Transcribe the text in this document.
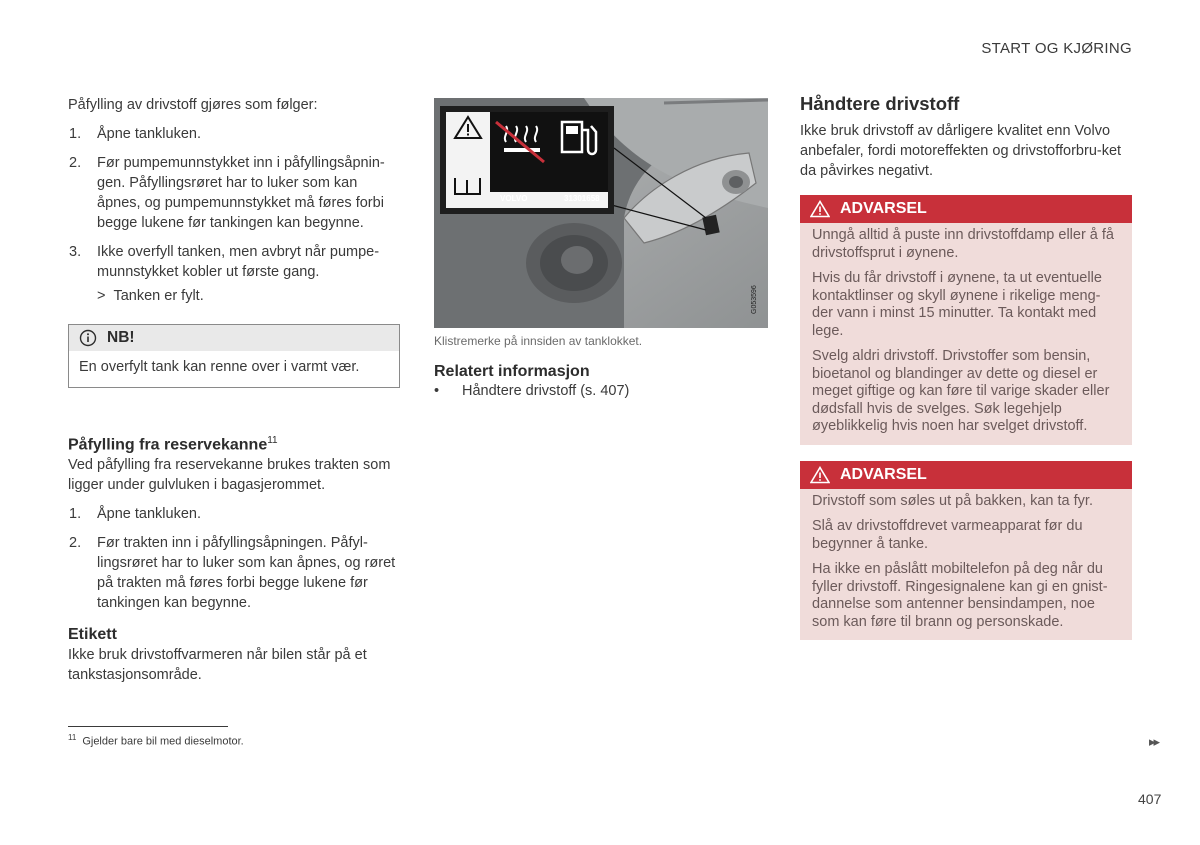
START OG KJØRING

Påfylling av drivstoff gjøres som følger:

1. Åpne tankluken.
2. Før pumpemunnstykket inn i påfyllingsåpnin-gen. Påfyllingsrøret har to luker som kan åpnes, og pumpemunnstykket må føres forbi begge lukene før tankingen kan begynne.
3. Ikke overfyll tanken, men avbryt når pumpe-munnstykket kobler ut første gang.
> Tanken er fylt.
NB!
En overfylt tank kan renne over i varmt vær.
Påfylling fra reservekanne$^{11}$

Ved påfylling fra reservekanne brukes trakten som ligger under gulvluken i bagasjerommet.

1. Åpne tankluken.
2. Før trakten inn i påfyllingsåpningen. Påfyl-lingsrøret har to luker som kan åpnes, og røret på trakten må føres forbi begge lukene før tankingen kan begynne.
Etikett

Ikke bruk drivstoffvarmeren når bilen står på et tankstasjonsområde.

VOLVO	31301658
G053596
Klistremerke på innsiden av tanklokket.
Relatert informasjon
•	Håndtere drivstoff (s. 407)
Håndtere drivstoff
Ikke bruk drivstoff av dårligere kvalitet enn Volvo anbefaler, fordi motoreffekten og drivstofforbru-ket da påvirkes negativt.
ADVARSEL

Unngå alltid å puste inn drivstoffdamp eller å få drivstoffsprut i øynene.

Hvis du får drivstoff i øynene, ta ut eventuelle kontaktlinser og skyll øynene i rikelige meng-der vann i minst 15 minutter. Ta kontakt med lege.

Svelg aldri drivstoff. Drivstoffer som bensin, bioetanol og blandinger av dette og diesel er meget giftige og kan føre til varige skader eller dødsfall hvis de svelges. Søk legehjelp øyeblikkelig hvis noen har svelget drivstoff.

ADVARSEL

Drivstoff som søles ut på bakken, kan ta fyr.

Slå av drivstoffdrevet varmeapparat før du begynner å tanke.

Ha ikke en påslått mobiltelefon på deg når du fyller drivstoff. Ringesignalene kan gi en gnist-dannelse som antenner bensindampen, noe som kan føre til brann og personskade.

$^{11}$ Gjelder bare bil med dieselmotor.	▸▸
407
